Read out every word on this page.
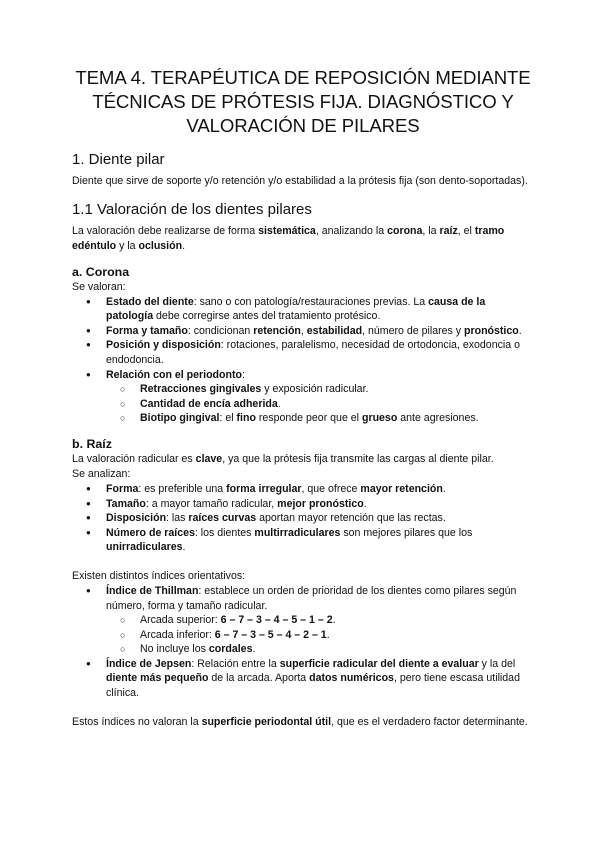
TEMA 4. TERAPÉUTICA DE REPOSICIÓN MEDIANTE TÉCNICAS DE PRÓTESIS FIJA. DIAGNÓSTICO Y VALORACIÓN DE PILARES
1. Diente pilar

Diente que sirve de soporte y/o retención y/o estabilidad a la prótesis fija (son dento-soportadas).

1.1 Valoración de los dientes pilares

La valoración debe realizarse de forma sistemática, analizando la corona, la raíz, el tramo edéntulo y la oclusión.

a. Corona

Se valoran:

● Estado del diente: sano o con patología/restauraciones previas. La causa de la patología debe corregirse antes del tratamiento protésico.
● Forma y tamaño: condicionan retención, estabilidad, número de pilares y pronóstico.
● Posición y disposición: rotaciones, paralelismo, necesidad de ortodoncia, exodoncia o endodoncia.
● Relación con el periodonto:
○ Retracciones gingivales y exposición radicular.
○ Cantidad de encía adherida.
○ Biotipo gingival: el fino responde peor que el grueso ante agresiones.
b. Raíz

La valoración radicular es clave, ya que la prótesis fija transmite las cargas al diente pilar.

Se analizan:

● Forma: es preferible una forma irregular, que ofrece mayor retención.
● Tamaño: a mayor tamaño radicular, mejor pronóstico.
● Disposición: las raíces curvas aportan mayor retención que las rectas.
● Número de raíces: los dientes multirradiculares son mejores pilares que los unirradiculares.

Existen distintos índices orientativos:

● Índice de Thillman: establece un orden de prioridad de los dientes como pilares según número, forma y tamaño radicular.
○ Arcada superior: 6 – 7 – 3 – 4 – 5 – 1 – 2.
○ Arcada inferior: 6 – 7 – 3 – 5 – 4 – 2 – 1.
○ No incluye los cordales.
● Índice de Jepsen: Relación entre la superficie radicular del diente a evaluar y la del diente más pequeño de la arcada. Aporta datos numéricos, pero tiene escasa utilidad clínica.

Estos índices no valoran la superficie periodontal útil, que es el verdadero factor determinante.
